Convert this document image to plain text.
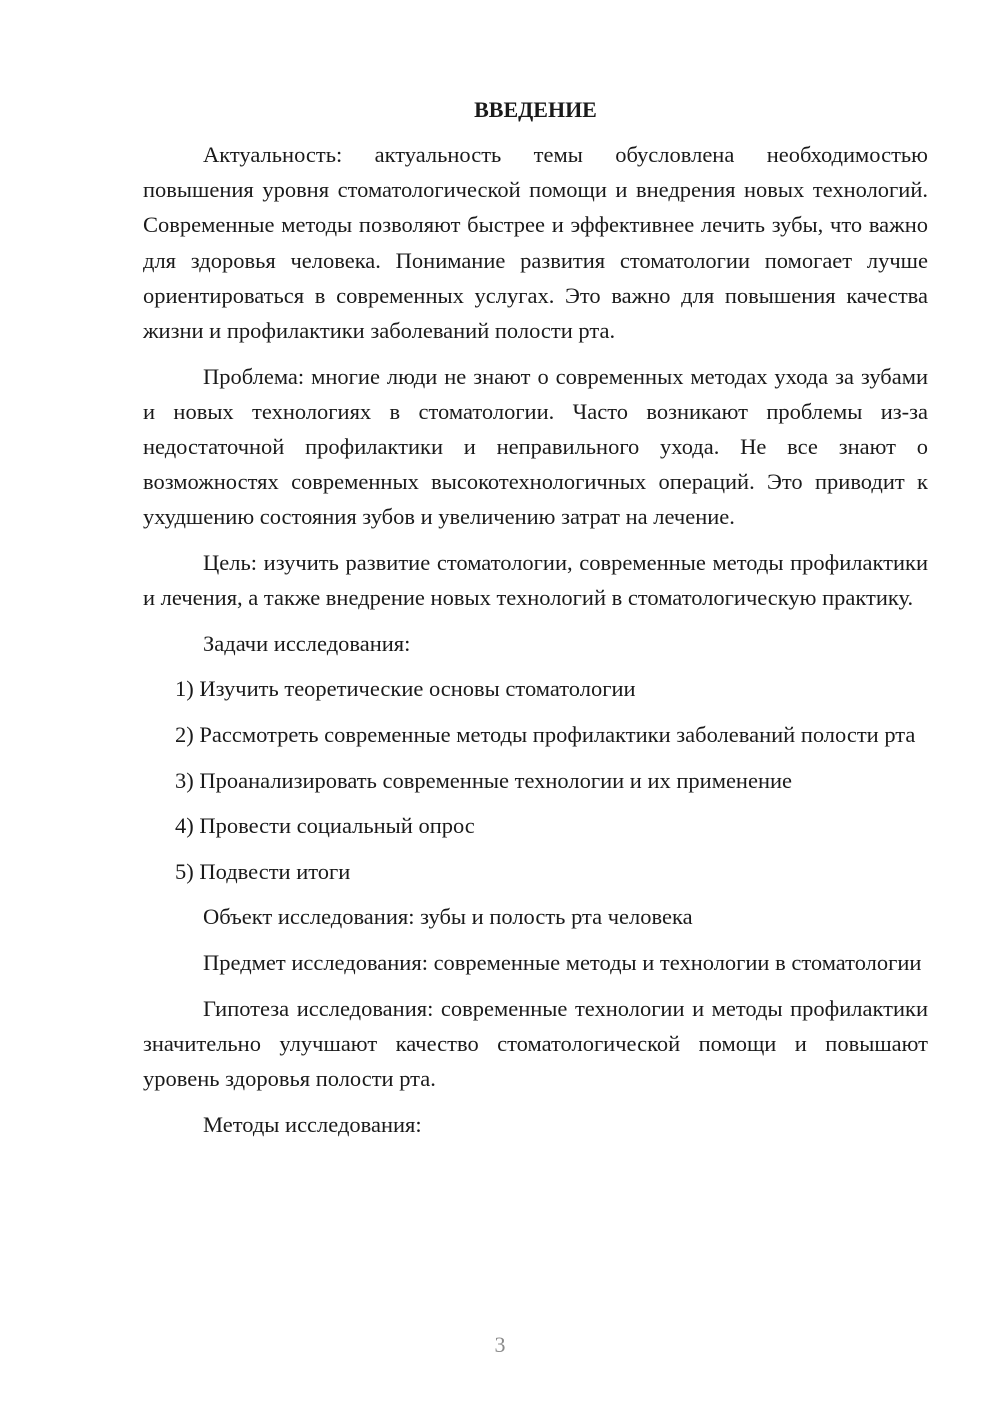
ВВЕДЕНИЕ

Актуальность: актуальность темы обусловлена необходимостью повышения уровня стоматологической помощи и внедрения новых технологий. Современные методы позволяют быстрее и эффективнее лечить зубы, что важно для здоровья человека. Понимание развития стоматологии помогает лучше ориентироваться в современных услугах. Это важно для повышения качества жизни и профилактики заболеваний полости рта.

Проблема: многие люди не знают о современных методах ухода за зубами и новых технологиях в стоматологии. Часто возникают проблемы из-за недостаточной профилактики и неправильного ухода. Не все знают о возможностях современных высокотехнологичных операций. Это приводит к ухудшению состояния зубов и увеличению затрат на лечение.

Цель: изучить развитие стоматологии, современные методы профилактики и лечения, а также внедрение новых технологий в стоматологическую практику.

Задачи исследования:

1) Изучить теоретические основы стоматологии

2) Рассмотреть современные методы профилактики заболеваний полости рта

3) Проанализировать современные технологии и их применение

4) Провести социальный опрос

5) Подвести итоги

Объект исследования: зубы и полость рта человека

Предмет исследования: современные методы и технологии в стоматологии

Гипотеза исследования: современные технологии и методы профилактики значительно улучшают качество стоматологической помощи и повышают уровень здоровья полости рта.

Методы исследования:

3
